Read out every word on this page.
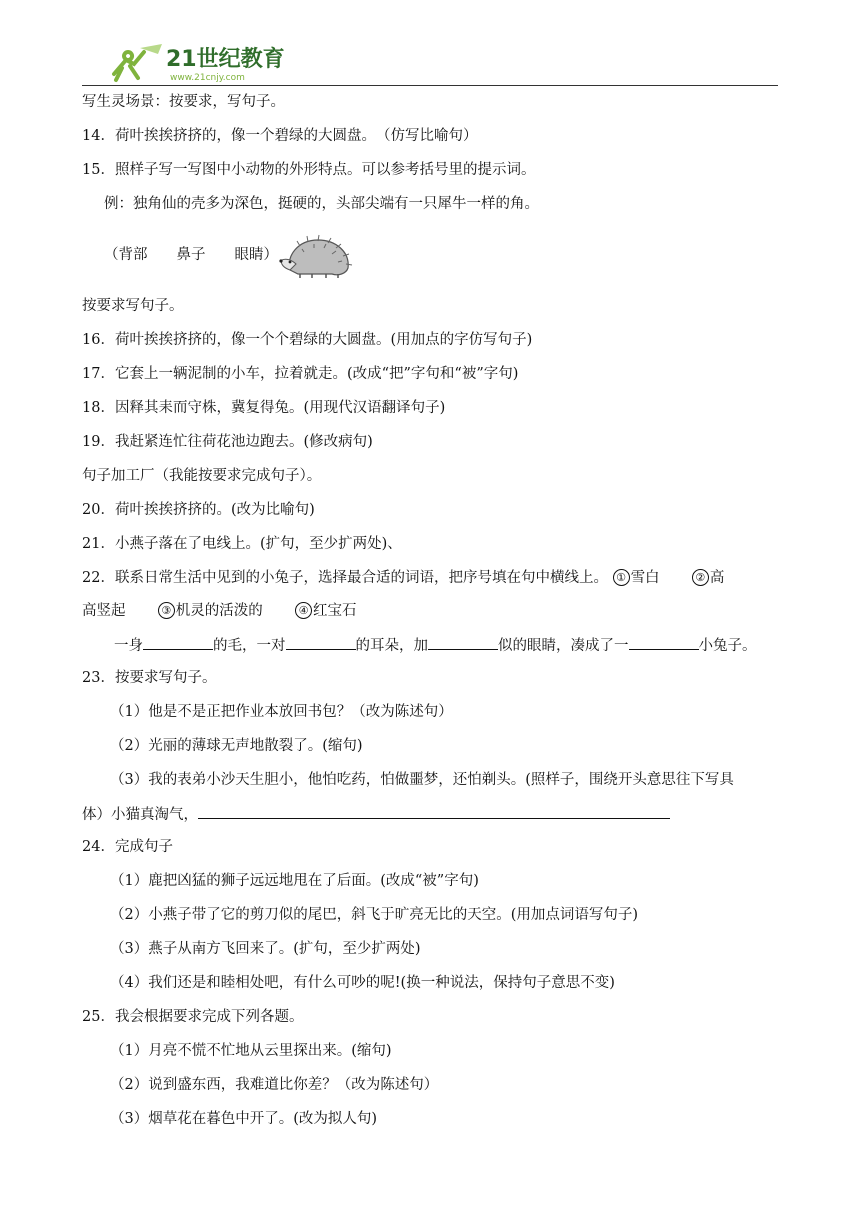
21世纪教育
www.21cnjy.com
写生灵场景：按要求，写句子。
14．荷叶挨挨挤挤的，像一个碧绿的大圆盘。　（仿写比喻句）
15．照样子写一写图中小动物的外形特点。可以参考括号里的提示词。
例：独角仙的壳多为深色，挺硬的，头部尖端有一只犀牛一样的角。
（背部　　鼻子　　眼睛）
按要求写句子。
16．荷叶挨挨挤挤的，像一个个碧绿的大圆盘。(用加点的字仿写句子)
17．它套上一辆泥制的小车，拉着就走。(改成“把”字句和“被”字句)
18．因释其耒而守株，冀复得兔。(用现代汉语翻译句子)
19．我赶紧连忙往荷花池边跑去。(修改病句)
句子加工厂（我能按要求完成句子）。
20．荷叶挨挨挤挤的。(改为比喻句)
21．小燕子落在了电线上。(扩句，至少扩两处)、
22．联系日常生活中见到的小兔子，选择最合适的词语，把序号填在句中横线上。 ① 雪白	② 高
高竖起	③ 机灵的活泼的	④ 红宝石
一身	的毛，一对	的耳朵，加	似的眼睛，凑成了一	小兔子。
23．按要求写句子。
（1）他是不是正把作业本放回书包？（改为陈述句）
（2）光丽的薄球无声地散裂了。(缩句)
（3）我的表弟小沙天生胆小，他怕吃药，怕做噩梦，还怕剃头。(照样子，围绕开头意思往下写具
体）小猫真淘气，
24．完成句子
（1）鹿把凶猛的狮子远远地甩在了后面。(改成“被”字句)
（2）小燕子带了它的剪刀似的尾巴，斜飞于旷亮无比的天空。(用加点词语写句子)
（3）燕子从南方飞回来了。(扩句，至少扩两处)
（4）我们还是和睦相处吧，有什么可吵的呢!(换一种说法，保持句子意思不变)
25．我会根据要求完成下列各题。
（1）月亮不慌不忙地从云里探出来。(缩句)
（2）说到盛东西，我难道比你差？（改为陈述句）
（3）烟草花在暮色中开了。(改为拟人句)
